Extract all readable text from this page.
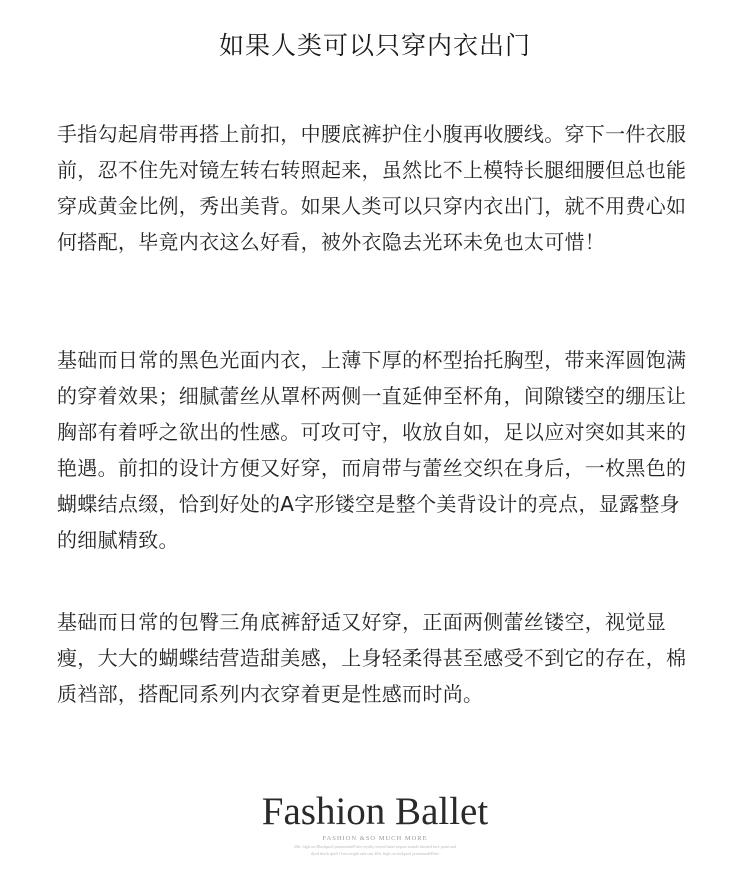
如果人类可以只穿内衣出门

手指勾起肩带再搭上前扣，中腰底裤护住小腹再收腰线。穿下一件衣服前，忍不住先对镜左转右转照起来，虽然比不上模特长腿细腰但总也能穿成黄金比例，秀出美背。如果人类可以只穿内衣出门，就不用费心如何搭配，毕竟内衣这么好看，被外衣隐去光环未免也太可惜！

基础而日常的黑色光面内衣，上薄下厚的杯型抬托胸型，带来浑圆饱满的穿着效果；细腻蕾丝从罩杯两侧一直延伸至杯角，间隙镂空的绷压让胸部有着呼之欲出的性感。可攻可守，收放自如，足以应对突如其来的艳遇。前扣的设计方便又好穿，而肩带与蕾丝交织在身后，一枚黑色的蝴蝶结点缀，恰到好处的A字形镂空是整个美背设计的亮点，显露整身的细腻精致。

基础而日常的包臀三角底裤舒适又好穿，正面两侧蕾丝镂空，视觉显瘦，大大的蝴蝶结营造甜美感，上身轻柔得甚至感受不到它的存在，棉质裆部，搭配同系列内衣穿着更是性感而时尚。

Fashion Ballet
FASHION &SO MUCH MORE
20ft. high on Blackpool promenadePoke royalty tweed band sequin brands limited face paint and
dyed black quiff Overweight and sim 20ft. high on lackpool promenadePoke
